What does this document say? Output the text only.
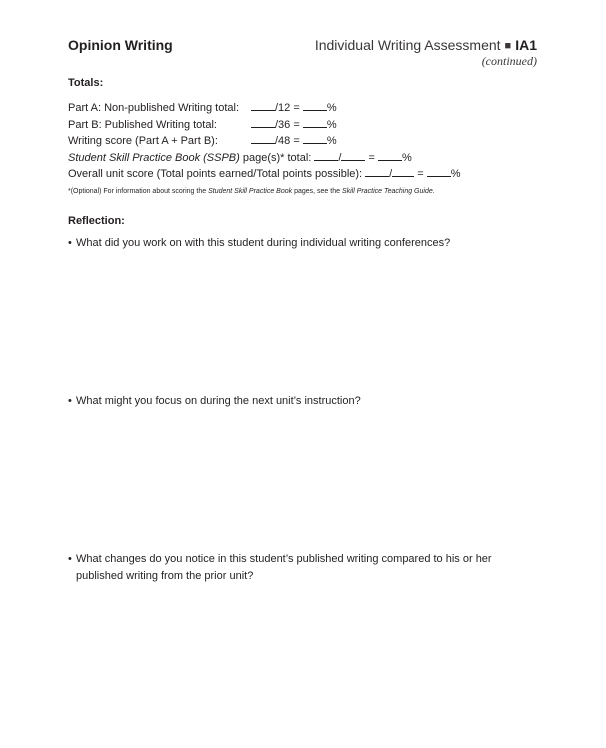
Opinion Writing	Individual Writing Assessment ■ IA1
(continued)
Totals:
Part A: Non-published Writing total:	/12 = %
Part B: Published Writing total:	/36 = %
Writing score (Part A + Part B):	/48 = %
Student Skill Practice Book (SSPB) page(s)* total: / = %
Overall unit score (Total points earned/Total points possible): / = %
*(Optional) For information about scoring the Student Skill Practice Book pages, see the Skill Practice Teaching Guide.
Reflection:
• What did you work on with this student during individual writing conferences?
• What might you focus on during the next unit’s instruction?
• What changes do you notice in this student’s published writing compared to his or her published writing from the prior unit?
